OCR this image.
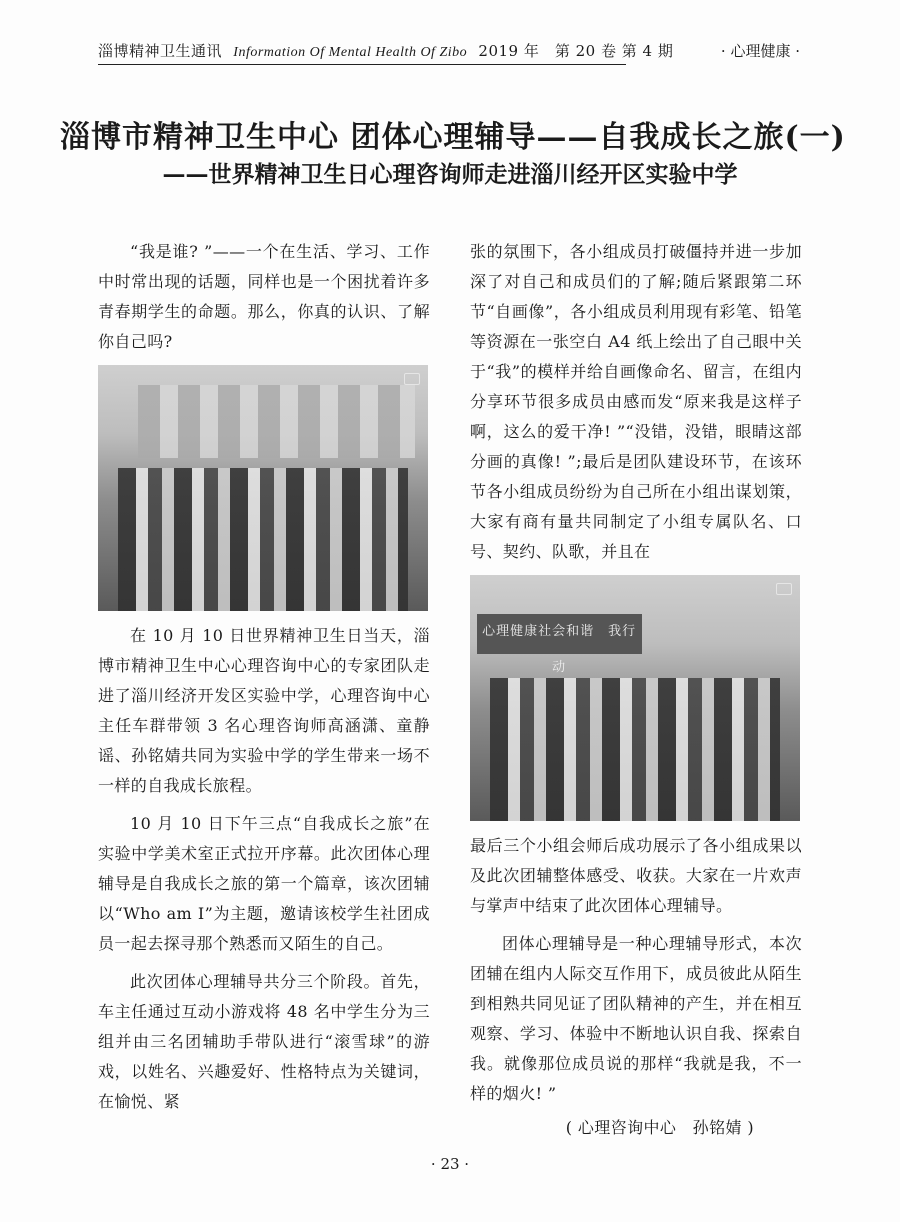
淄博精神卫生通讯 Information Of Mental Health Of Zibo 2019 年　第 20 卷 第 4 期	· 心理健康 ·
淄博市精神卫生中心 团体心理辅导——自我成长之旅(一)
——世界精神卫生日心理咨询师走进淄川经开区实验中学

“我是谁? ”——一个在生活、学习、工作中时常出现的话题，同样也是一个困扰着许多青春期学生的命题。那么，你真的认识、了解你自己吗?

在 10 月 10 日世界精神卫生日当天，淄博市精神卫生中心心理咨询中心的专家团队走进了淄川经济开发区实验中学，心理咨询中心主任车群带领 3 名心理咨询师高涵潇、童静谣、孙铭婧共同为实验中学的学生带来一场不一样的自我成长旅程。

10 月 10 日下午三点“自我成长之旅”在实验中学美术室正式拉开序幕。此次团体心理辅导是自我成长之旅的第一个篇章，该次团辅以“Who am I”为主题，邀请该校学生社团成员一起去探寻那个熟悉而又陌生的自己。

此次团体心理辅导共分三个阶段。首先，车主任通过互动小游戏将 48 名中学生分为三组并由三名团辅助手带队进行“滚雪球”的游戏，以姓名、兴趣爱好、性格特点为关键词，在愉悦、紧

张的氛围下，各小组成员打破僵持并进一步加深了对自己和成员们的了解;随后紧跟第二环节“自画像”，各小组成员利用现有彩笔、铅笔等资源在一张空白 A4 纸上绘出了自己眼中关于“我”的模样并给自画像命名、留言，在组内分享环节很多成员由感而发“原来我是这样子啊，这么的爱干净! ”“没错，没错，眼睛这部分画的真像! ”;最后是团队建设环节，在该环节各小组成员纷纷为自己所在小组出谋划策，大家有商有量共同制定了小组专属队名、口号、契约、队歌，并且在

心理健康社会和谐　我行动

最后三个小组会师后成功展示了各小组成果以及此次团辅整体感受、收获。大家在一片欢声与掌声中结束了此次团体心理辅导。

团体心理辅导是一种心理辅导形式，本次团辅在组内人际交互作用下，成员彼此从陌生到相熟共同见证了团队精神的产生，并在相互观察、学习、体验中不断地认识自我、探索自我。就像那位成员说的那样“我就是我，不一样的烟火! ”

( 心理咨询中心　孙铭婧 )

· 23 ·
